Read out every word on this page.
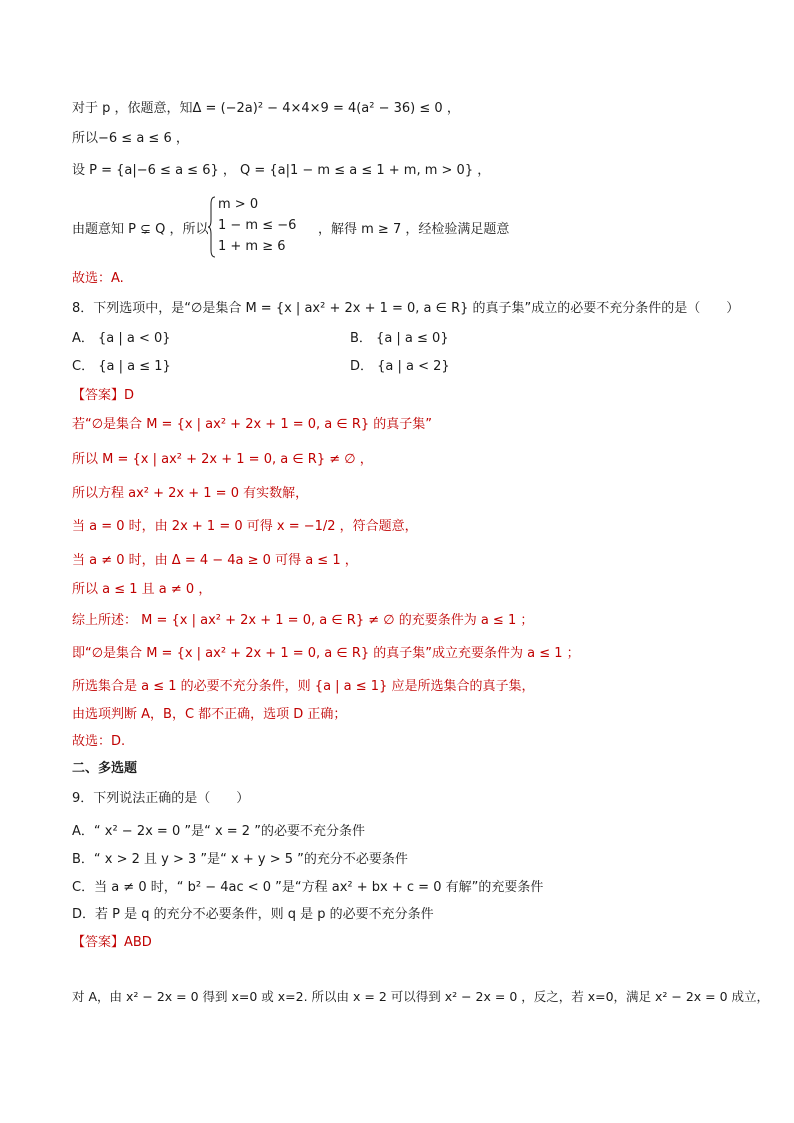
对于 p ，依题意，知Δ = (−2a)² − 4×4×9 = 4(a² − 36) ≤ 0 ，
所以−6 ≤ a ≤ 6 ，
设 P = {a|−6 ≤ a ≤ 6} ， Q = {a|1 − m ≤ a ≤ 1 + m, m > 0} ，
由题意知 P ⊊ Q ，所以
m > 0
1 − m ≤ −6
1 + m ≥ 6
，解得 m ≥ 7 ，经检验满足题意
故选：A.
8．下列选项中，是“∅是集合 M = {x | ax² + 2x + 1 = 0, a ∈ R} 的真子集”成立的必要不充分条件的是（　　）
A． {a | a < 0}	B． {a | a ≤ 0}
C． {a | a ≤ 1}	D． {a | a < 2}
【答案】D
若“∅是集合 M = {x | ax² + 2x + 1 = 0, a ∈ R} 的真子集”
所以 M = {x | ax² + 2x + 1 = 0, a ∈ R} ≠ ∅ ，
所以方程 ax² + 2x + 1 = 0 有实数解，
当 a = 0 时，由 2x + 1 = 0 可得 x = −1/2 ，符合题意，
当 a ≠ 0 时，由 Δ = 4 − 4a ≥ 0 可得 a ≤ 1 ，
所以 a ≤ 1 且 a ≠ 0 ，
综上所述： M = {x | ax² + 2x + 1 = 0, a ∈ R} ≠ ∅ 的充要条件为 a ≤ 1 ；
即“∅是集合 M = {x | ax² + 2x + 1 = 0, a ∈ R} 的真子集”成立充要条件为 a ≤ 1 ；
所选集合是 a ≤ 1 的必要不充分条件，则 {a | a ≤ 1} 应是所选集合的真子集，
由选项判断 A，B，C 都不正确，选项 D 正确；
故选：D.
二、多选题
9．下列说法正确的是（　　）
A．“ x² − 2x = 0 ”是“ x = 2 ”的必要不充分条件
B．“ x > 2 且 y > 3 ”是“ x + y > 5 ”的充分不必要条件
C．当 a ≠ 0 时，“ b² − 4ac < 0 ”是“方程 ax² + bx + c = 0 有解”的充要条件
D．若 P 是 q 的充分不必要条件，则 q 是 p 的必要不充分条件
【答案】ABD
对 A，由 x² − 2x = 0 得到 x=0 或 x=2. 所以由 x = 2 可以得到 x² − 2x = 0 ，反之，若 x=0，满足 x² − 2x = 0 成立，
